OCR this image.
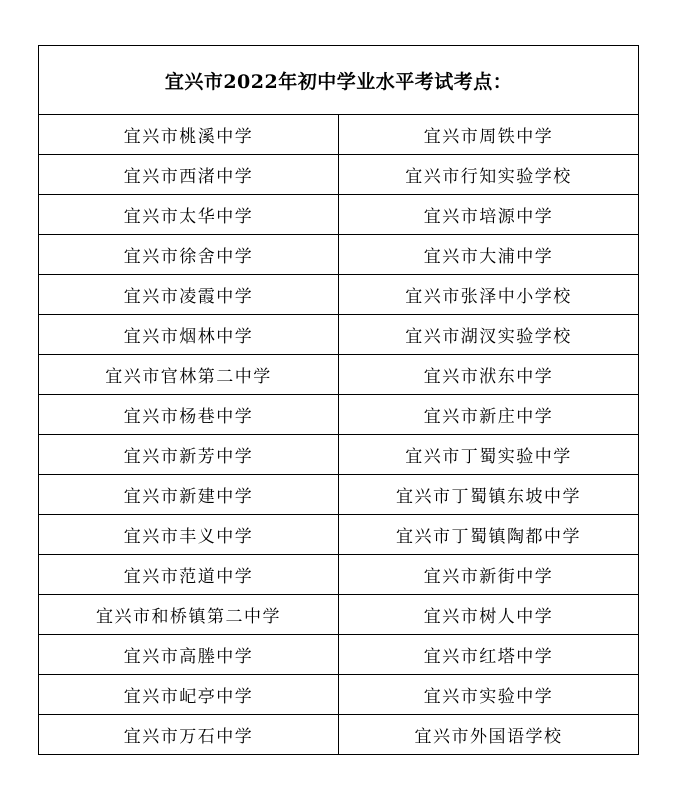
宜兴市2022年初中学业水平考试考点：	
宜兴市桃溪中学	宜兴市周铁中学
宜兴市西渚中学	宜兴市行知实验学校
宜兴市太华中学	宜兴市培源中学
宜兴市徐舍中学	宜兴市大浦中学
宜兴市凌霞中学	宜兴市张泽中小学校
宜兴市烟林中学	宜兴市湖汊实验学校
宜兴市官林第二中学	宜兴市洑东中学
宜兴市杨巷中学	宜兴市新庄中学
宜兴市新芳中学	宜兴市丁蜀实验中学
宜兴市新建中学	宜兴市丁蜀镇东坡中学
宜兴市丰义中学	宜兴市丁蜀镇陶都中学
宜兴市范道中学	宜兴市新街中学
宜兴市和桥镇第二中学	宜兴市树人中学
宜兴市高塍中学	宜兴市红塔中学
宜兴市屺亭中学	宜兴市实验中学
宜兴市万石中学	宜兴市外国语学校
